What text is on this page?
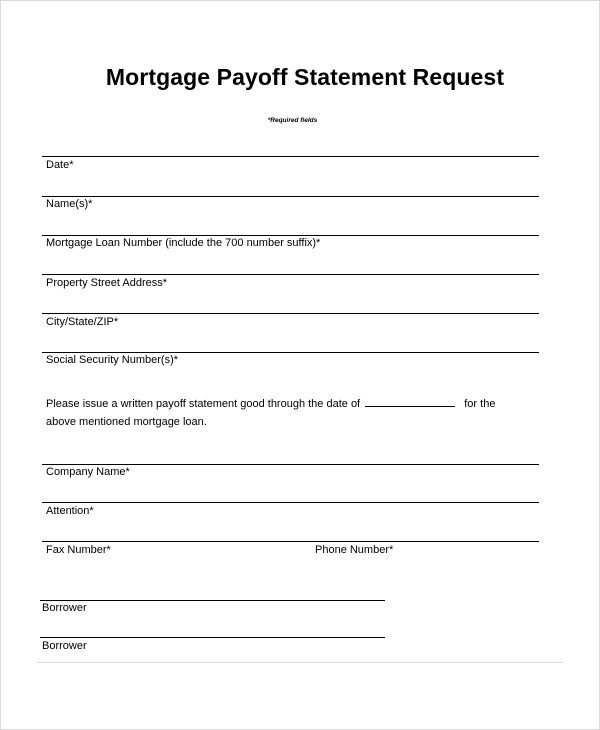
Mortgage Payoff Statement Request
*Required fields
Date*
Name(s)*
Mortgage Loan Number (include the 700 number suffix)*
Property Street Address*
City/State/ZIP*
Social Security Number(s)*
Please issue a written payoff statement good through the date of	for the
above mentioned mortgage loan.
Company Name*
Attention*
Fax Number*	Phone Number*
Borrower
Borrower
